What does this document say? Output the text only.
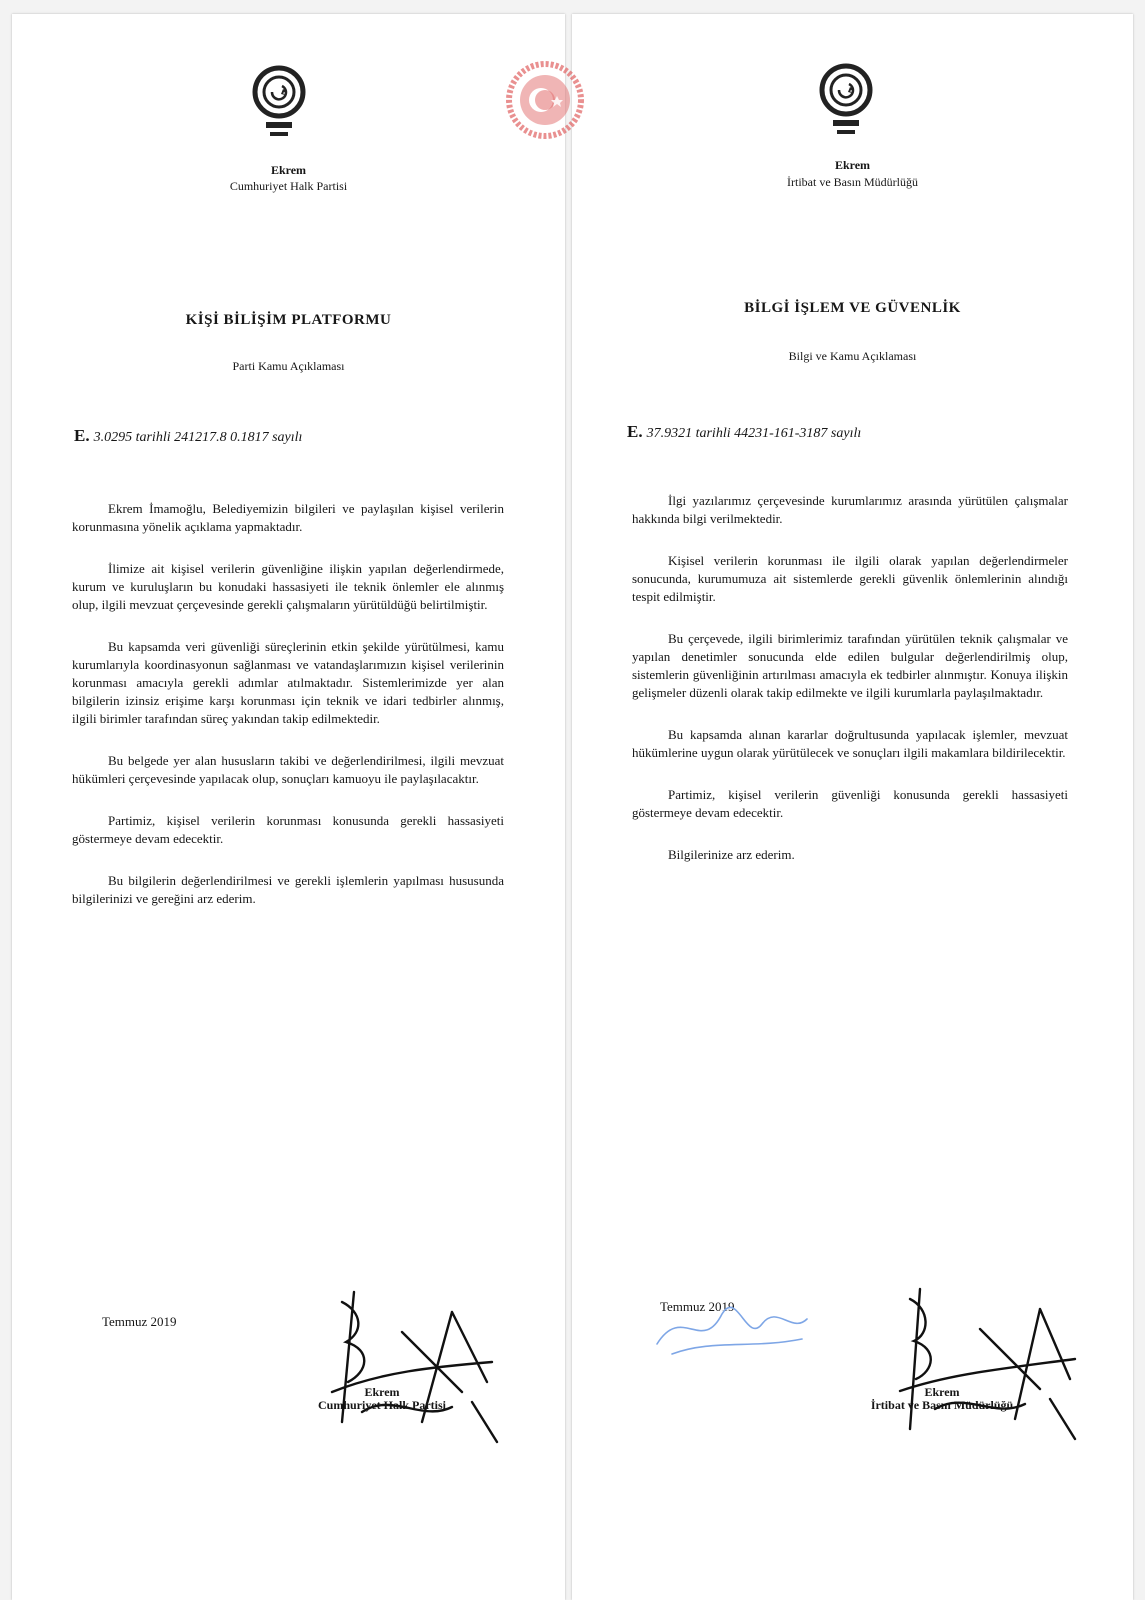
Ekrem
Cumhuriyet Halk Partisi
KİŞİ BİLİŞİM PLATFORMU
Parti Kamu Açıklaması
E. 3.0295 tarihli 241217.8 0.1817 sayılı

Ekrem İmamoğlu, Belediyemizin bilgileri ve paylaşılan kişisel verilerin korunmasına yönelik açıklama yapmaktadır.

İlimize ait kişisel verilerin güvenliğine ilişkin yapılan değerlendirmede, kurum ve kuruluşların bu konudaki hassasiyeti ile teknik önlemler ele alınmış olup, ilgili mevzuat çerçevesinde gerekli çalışmaların yürütüldüğü belirtilmiştir.

Bu kapsamda veri güvenliği süreçlerinin etkin şekilde yürütülmesi, kamu kurumlarıyla koordinasyonun sağlanması ve vatandaşlarımızın kişisel verilerinin korunması amacıyla gerekli adımlar atılmaktadır. Sistemlerimizde yer alan bilgilerin izinsiz erişime karşı korunması için teknik ve idari tedbirler alınmış, ilgili birimler tarafından süreç yakından takip edilmektedir.

Bu belgede yer alan hususların takibi ve değerlendirilmesi, ilgili mevzuat hükümleri çerçevesinde yapılacak olup, sonuçları kamuoyu ile paylaşılacaktır.

Partimiz, kişisel verilerin korunması konusunda gerekli hassasiyeti göstermeye devam edecektir.

Bu bilgilerin değerlendirilmesi ve gerekli işlemlerin yapılması hususunda bilgilerinizi ve gereğini arz ederim.

Temmuz 2019
Ekrem
Cumhuriyet Halk Partisi
Ekrem
İrtibat ve Basın Müdürlüğü
BİLGİ İŞLEM VE GÜVENLİK
Bilgi ve Kamu Açıklaması
E. 37.9321 tarihli 44231-161-3187 sayılı

İlgi yazılarımız çerçevesinde kurumlarımız arasında yürütülen çalışmalar hakkında bilgi verilmektedir.

Kişisel verilerin korunması ile ilgili olarak yapılan değerlendirmeler sonucunda, kurumumuza ait sistemlerde gerekli güvenlik önlemlerinin alındığı tespit edilmiştir.

Bu çerçevede, ilgili birimlerimiz tarafından yürütülen teknik çalışmalar ve yapılan denetimler sonucunda elde edilen bulgular değerlendirilmiş olup, sistemlerin güvenliğinin artırılması amacıyla ek tedbirler alınmıştır. Konuya ilişkin gelişmeler düzenli olarak takip edilmekte ve ilgili kurumlarla paylaşılmaktadır.

Bu kapsamda alınan kararlar doğrultusunda yapılacak işlemler, mevzuat hükümlerine uygun olarak yürütülecek ve sonuçları ilgili makamlara bildirilecektir.

Partimiz, kişisel verilerin güvenliği konusunda gerekli hassasiyeti göstermeye devam edecektir.

Bilgilerinize arz ederim.

Temmuz 2019
Ekrem
İrtibat ve Basın Müdürlüğü
